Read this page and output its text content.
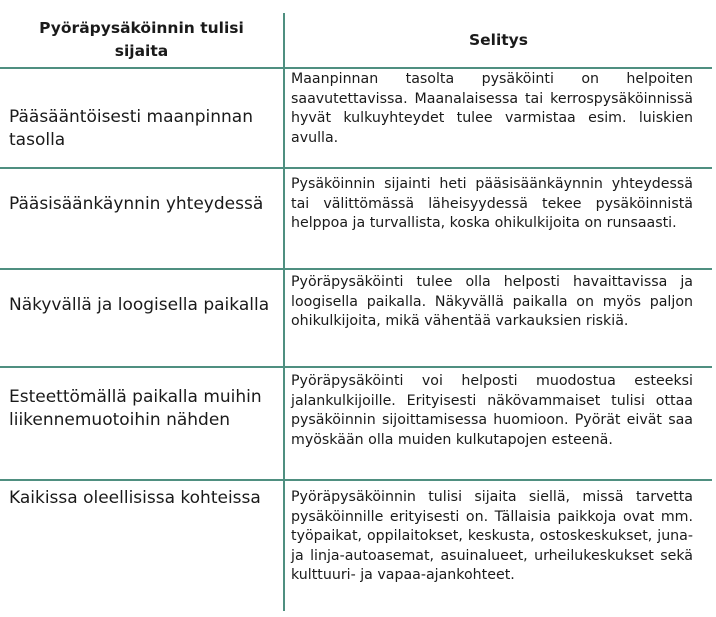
Pyöräpysäköinnin tulisi
sijaita
Selitys
Pääsääntöisesti maanpinnan tasolla
Maanpinnan tasolta pysäköinti on helpoiten saavutettavissa. Maanalaisessa tai kerrospysäköinnissä hyvät kulkuyhteydet tulee varmistaa esim. luiskien avulla.
Pääsisäänkäynnin yhteydessä
Pysäköinnin sijainti heti pääsisäänkäynnin yhteydessä tai välittömässä läheisyydessä tekee pysäköinnistä helppoa ja turvallista, koska ohikulkijoita on runsaasti.
Näkyvällä ja loogisella paikalla
Pyöräpysäköinti tulee olla helposti havaittavissa ja loogisella paikalla. Näkyvällä paikalla on myös paljon ohikulkijoita, mikä vähentää varkauksien riskiä.
Esteettömällä paikalla muihin liikennemuotoihin nähden
Pyöräpysäköinti voi helposti muodostua esteeksi jalankulkijoille. Erityisesti näkövammaiset tulisi ottaa pysäköinnin sijoittamisessa huomioon. Pyörät eivät saa myöskään olla muiden kulkutapojen esteenä.
Kaikissa oleellisissa kohteissa	Pyöräpysäköinnin tulisi sijaita siellä, missä tarvetta pysäköinnille erityisesti on. Tällaisia paikkoja ovat mm. työpaikat, oppilaitokset, keskusta, ostoskeskukset, juna- ja linja-autoasemat, asuinalueet, urheilukeskukset sekä kulttuuri- ja vapaa-ajankohteet.
